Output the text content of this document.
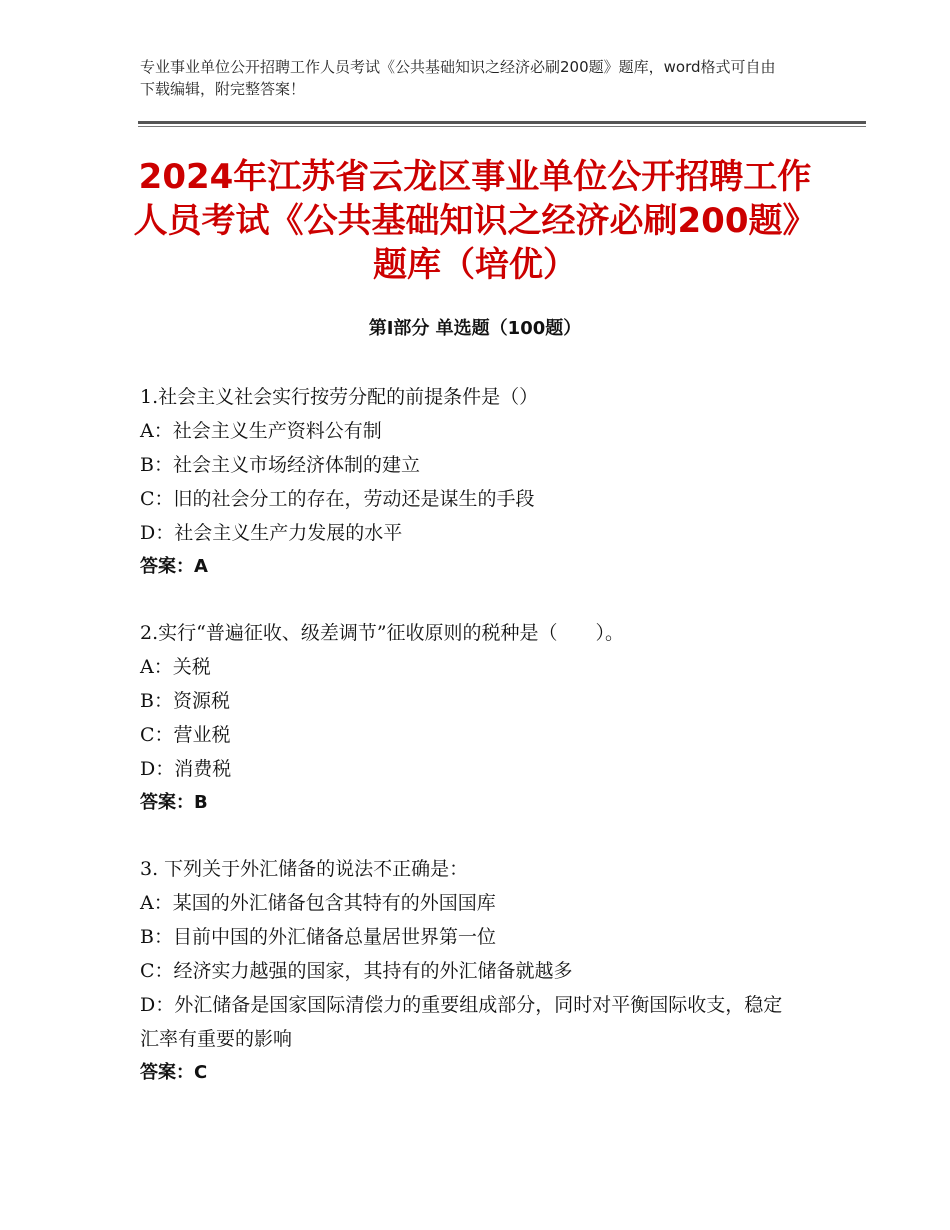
专业事业单位公开招聘工作人员考试《公共基础知识之经济必刷200题》题库，word格式可自由下载编辑，附完整答案！
2024年江苏省云龙区事业单位公开招聘工作人员考试《公共基础知识之经济必刷200题》题库（培优）
第Ⅰ部分 单选题（100题）
1.社会主义社会实行按劳分配的前提条件是（）
A：社会主义生产资料公有制
B：社会主义市场经济体制的建立
C：旧的社会分工的存在，劳动还是谋生的手段
D：社会主义生产力发展的水平
答案：A
2.实行“普遍征收、级差调节”征收原则的税种是（　　）。
A：关税
B：资源税
C：营业税
D：消费税
答案：B
3. 下列关于外汇储备的说法不正确是：
A：某国的外汇储备包含其特有的外国国库
B：目前中国的外汇储备总量居世界第一位
C：经济实力越强的国家，其持有的外汇储备就越多
D：外汇储备是国家国际清偿力的重要组成部分，同时对平衡国际收支，稳定汇率有重要的影响
答案：C
